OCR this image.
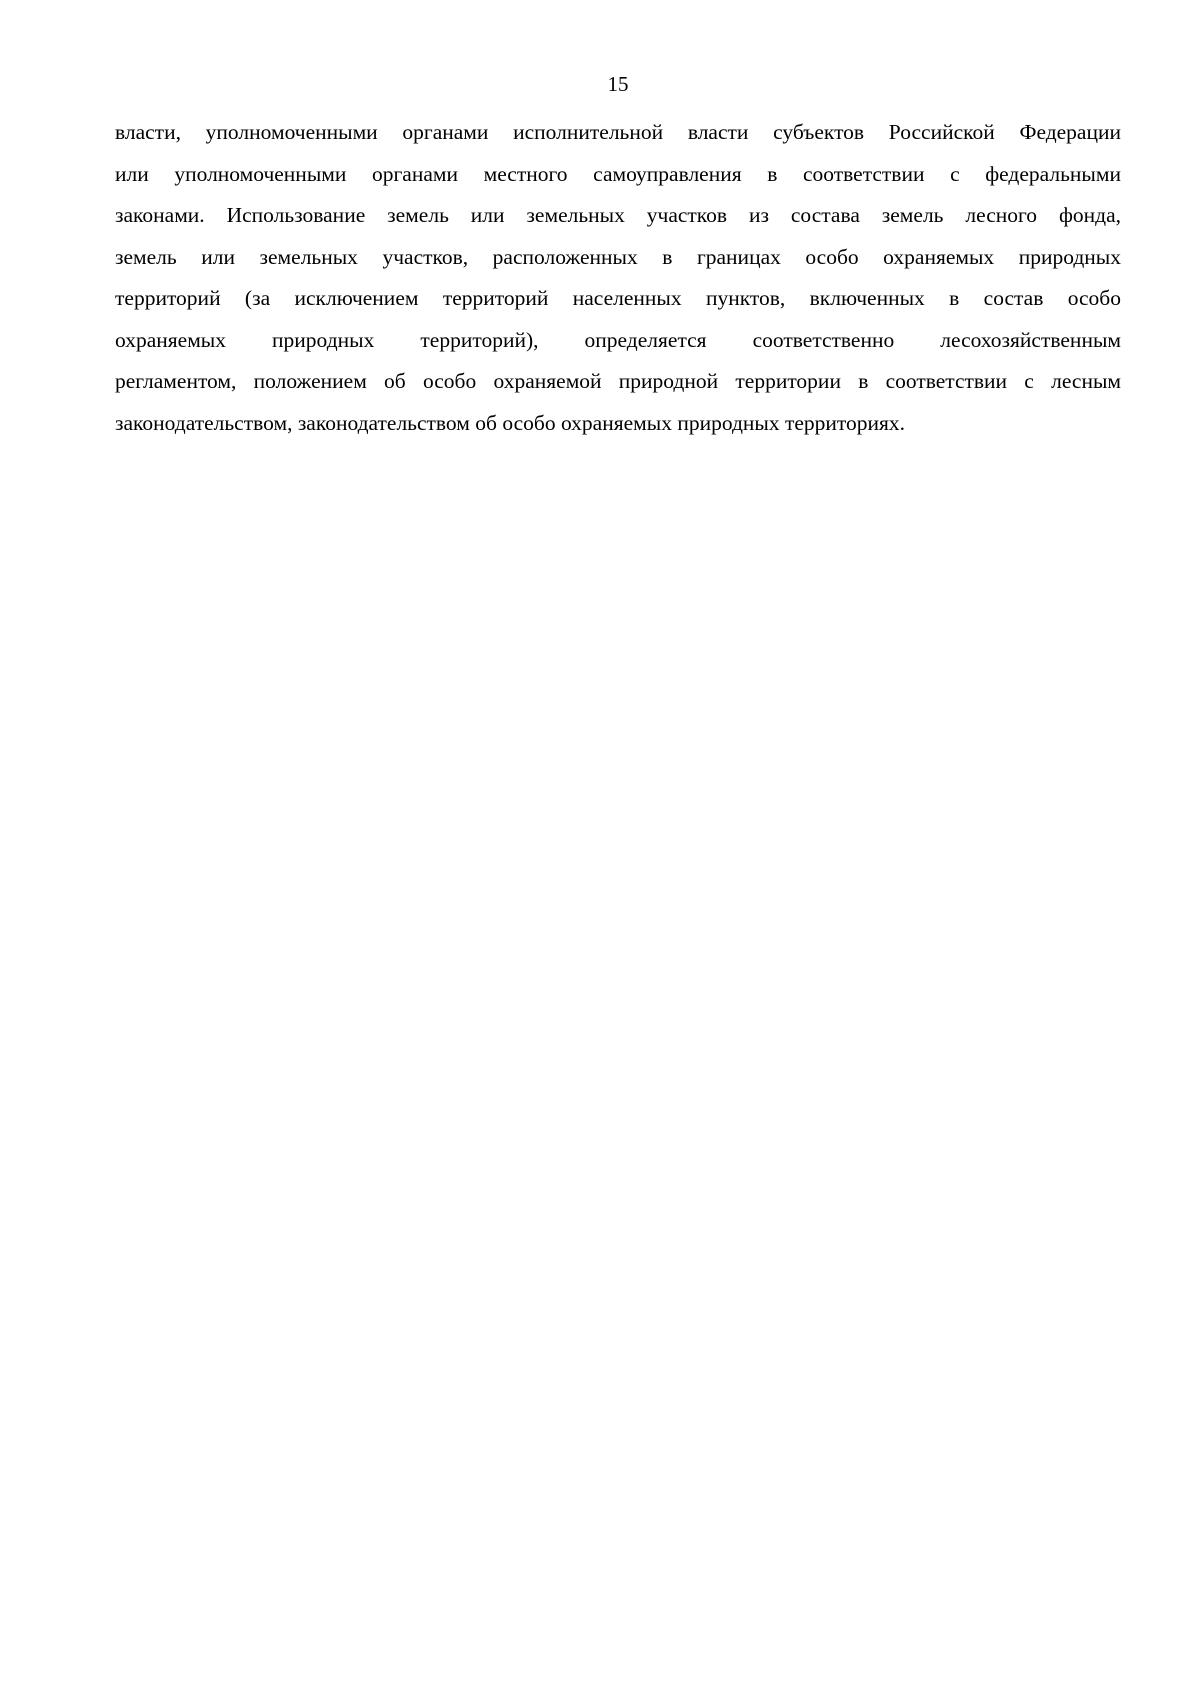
15

власти, уполномоченными органами исполнительной власти субъектов Российской Федерации
или уполномоченными органами местного самоуправления в соответствии с федеральными
законами. Использование земель или земельных участков из состава земель лесного фонда,
земель или земельных участков, расположенных в границах особо охраняемых природных
территорий (за исключением территорий населенных пунктов, включенных в состав особо
охраняемых природных территорий), определяется соответственно лесохозяйственным
регламентом, положением об особо охраняемой природной территории в соответствии с лесным
законодательством, законодательством об особо охраняемых природных территориях.
